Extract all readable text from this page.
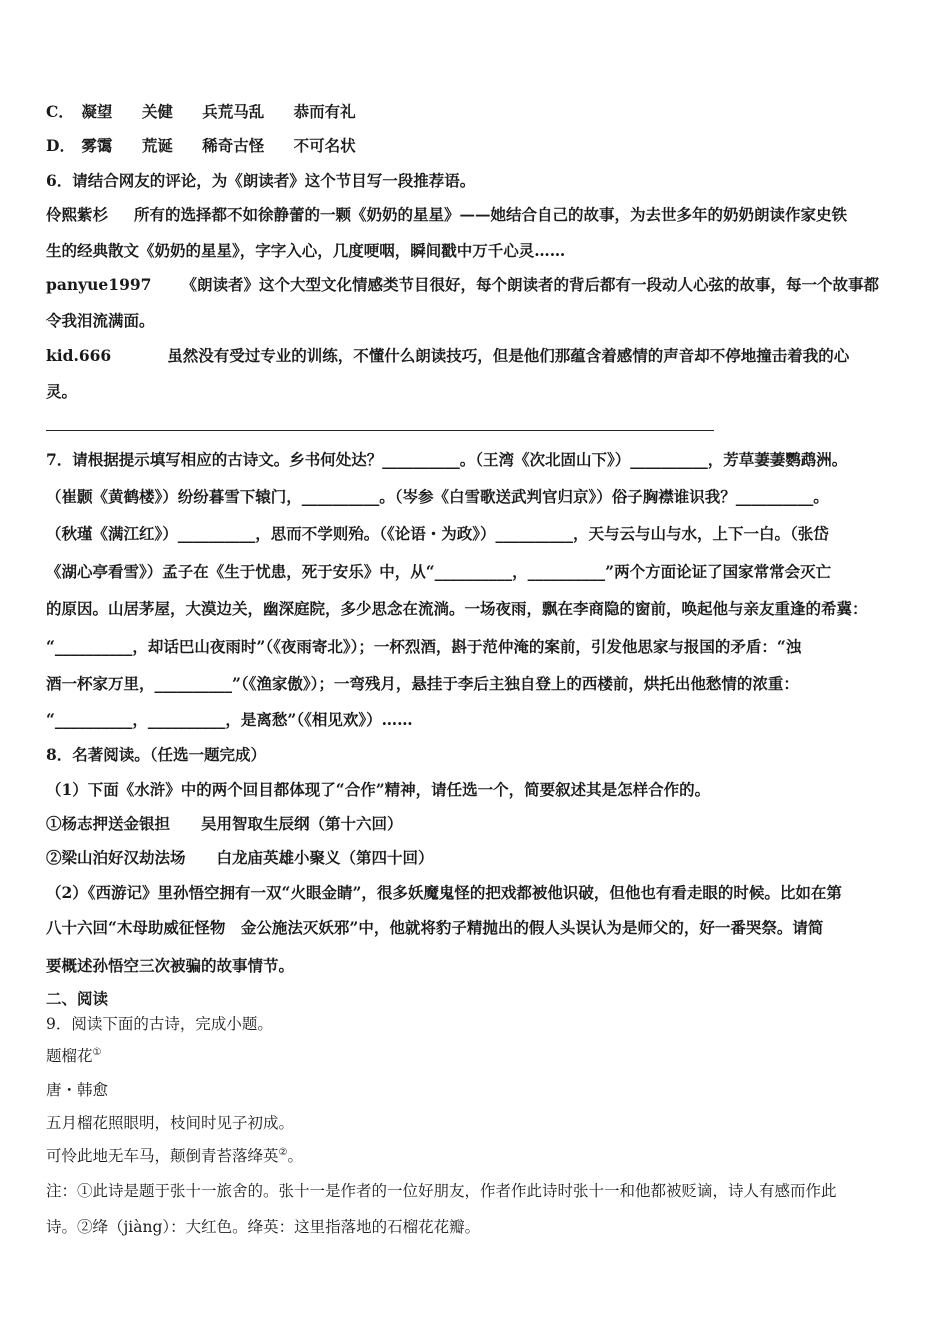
C． 凝望 关健 兵荒马乱 恭而有礼
D． 雾霭 荒诞 稀奇古怪 不可名状
6．请结合网友的评论，为《朗读者》这个节目写一段推荐语。
伶熙紫杉 所有的选择都不如徐静蕾的一颗《奶奶的星星》——她结合自己的故事，为去世多年的奶奶朗读作家史铁
生的经典散文《奶奶的星星》，字字入心，几度哽咽，瞬间戳中万千心灵……
panyue1997 《朗读者》这个大型文化情感类节目很好，每个朗读者的背后都有一段动人心弦的故事，每一个故事都
令我泪流满面。
kid.666	虽然没有受过专业的训练，不懂什么朗读技巧，但是他们那蕴含着感情的声音却不停地撞击着我的心
灵。
7．请根据提示填写相应的古诗文。乡书何处达？__________。（王湾《次北固山下》）__________，芳草萋萋鹦鹉洲。
（崔颢《黄鹤楼》）纷纷暮雪下辕门，__________。（岑参《白雪歌送武判官归京》）俗子胸襟谁识我？__________。
（秋瑾《满江红》）__________，思而不学则殆。（《论语・为政》）__________，天与云与山与水，上下一白。（张岱
《湖心亭看雪》）孟子在《生于忧患，死于安乐》中，从“__________，__________”两个方面论证了国家常常会灭亡
的原因。山居茅屋，大漠边关，幽深庭院，多少思念在流淌。一场夜雨，飘在李商隐的窗前，唤起他与亲友重逢的希冀：
“__________，却话巴山夜雨时”（《夜雨寄北》）；一杯烈酒，斟于范仲淹的案前，引发他思家与报国的矛盾：“浊
酒一杯家万里，__________”（《渔家傲》）；一弯残月，悬挂于李后主独自登上的西楼前，烘托出他愁情的浓重：
“__________，__________，是离愁”（《相见欢》）……
8．名著阅读。（任选一题完成）
（1）下面《水浒》中的两个回目都体现了“合作”精神，请任选一个，简要叙述其是怎样合作的。
①杨志押送金银担　　吴用智取生辰纲（第十六回）
②梁山泊好汉劫法场　　白龙庙英雄小聚义（第四十回）
（2）《西游记》里孙悟空拥有一双“火眼金睛”，很多妖魔鬼怪的把戏都被他识破，但他也有看走眼的时候。比如在第
八十六回“木母助威征怪物　金公施法灭妖邪”中，他就将豹子精抛出的假人头误认为是师父的，好一番哭祭。请简
要概述孙悟空三次被骗的故事情节。
二、阅读
9．阅读下面的古诗，完成小题。
题榴花①
唐・韩愈
五月榴花照眼明，枝间时见子初成。
可怜此地无车马，颠倒青苔落绛英②。
注：①此诗是题于张十一旅舍的。张十一是作者的一位好朋友，作者作此诗时张十一和他都被贬谪，诗人有感而作此
诗。②绛（jiàng）：大红色。绛英：这里指落地的石榴花花瓣。
